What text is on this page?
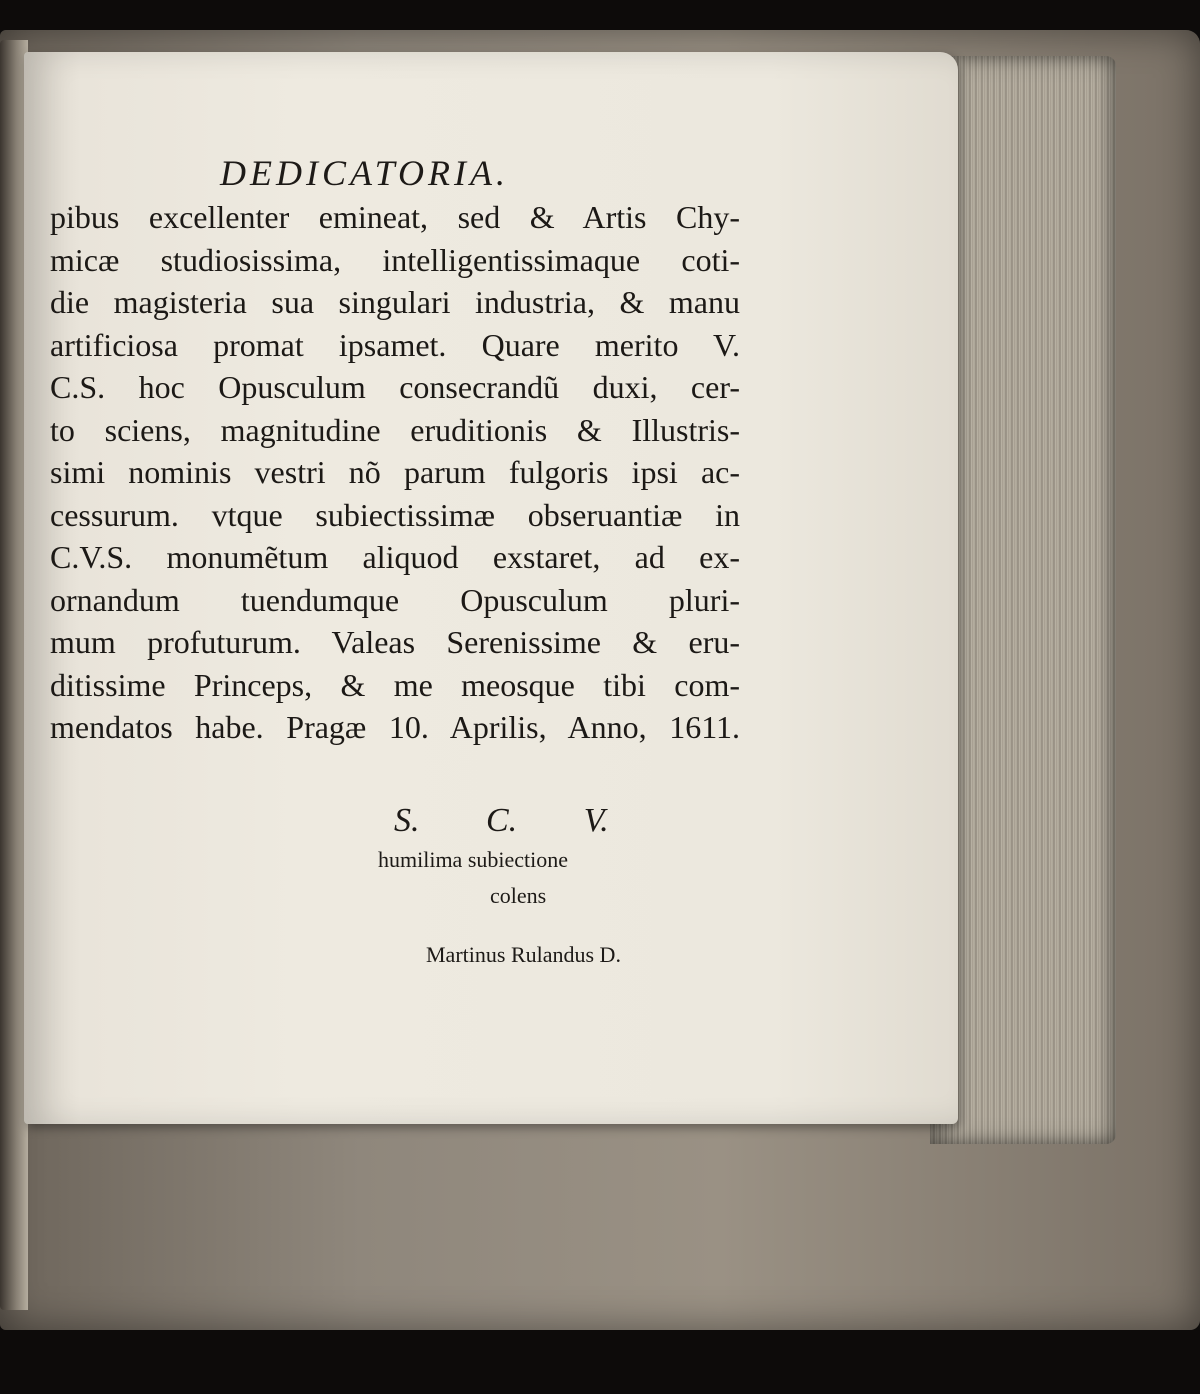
DEDICATORIA.
pibus excellenter emineat, sed & Artis Chy-
micæ studiosissima, intelligentissimaque coti-
die magisteria sua singulari industria, & manu
artificiosa promat ipsamet. Quare merito V.
C.S. hoc Opusculum consecrandũ duxi, cer-
to sciens, magnitudine eruditionis & Illustris-
simi nominis vestri nõ parum fulgoris ipsi ac-
cessurum. vtque subiectissimæ obseruantiæ in
C.V.S. monumẽtum aliquod exstaret, ad ex-
ornandum tuendumque Opusculum pluri-
mum profuturum. Valeas Serenissime & eru-
ditissime Princeps, & me meosque tibi com-
mendatos habe. Pragæ 10. Aprilis, Anno, 1611.
S. C. V.
humilima subiectione
colens
Martinus Rulandus D.
